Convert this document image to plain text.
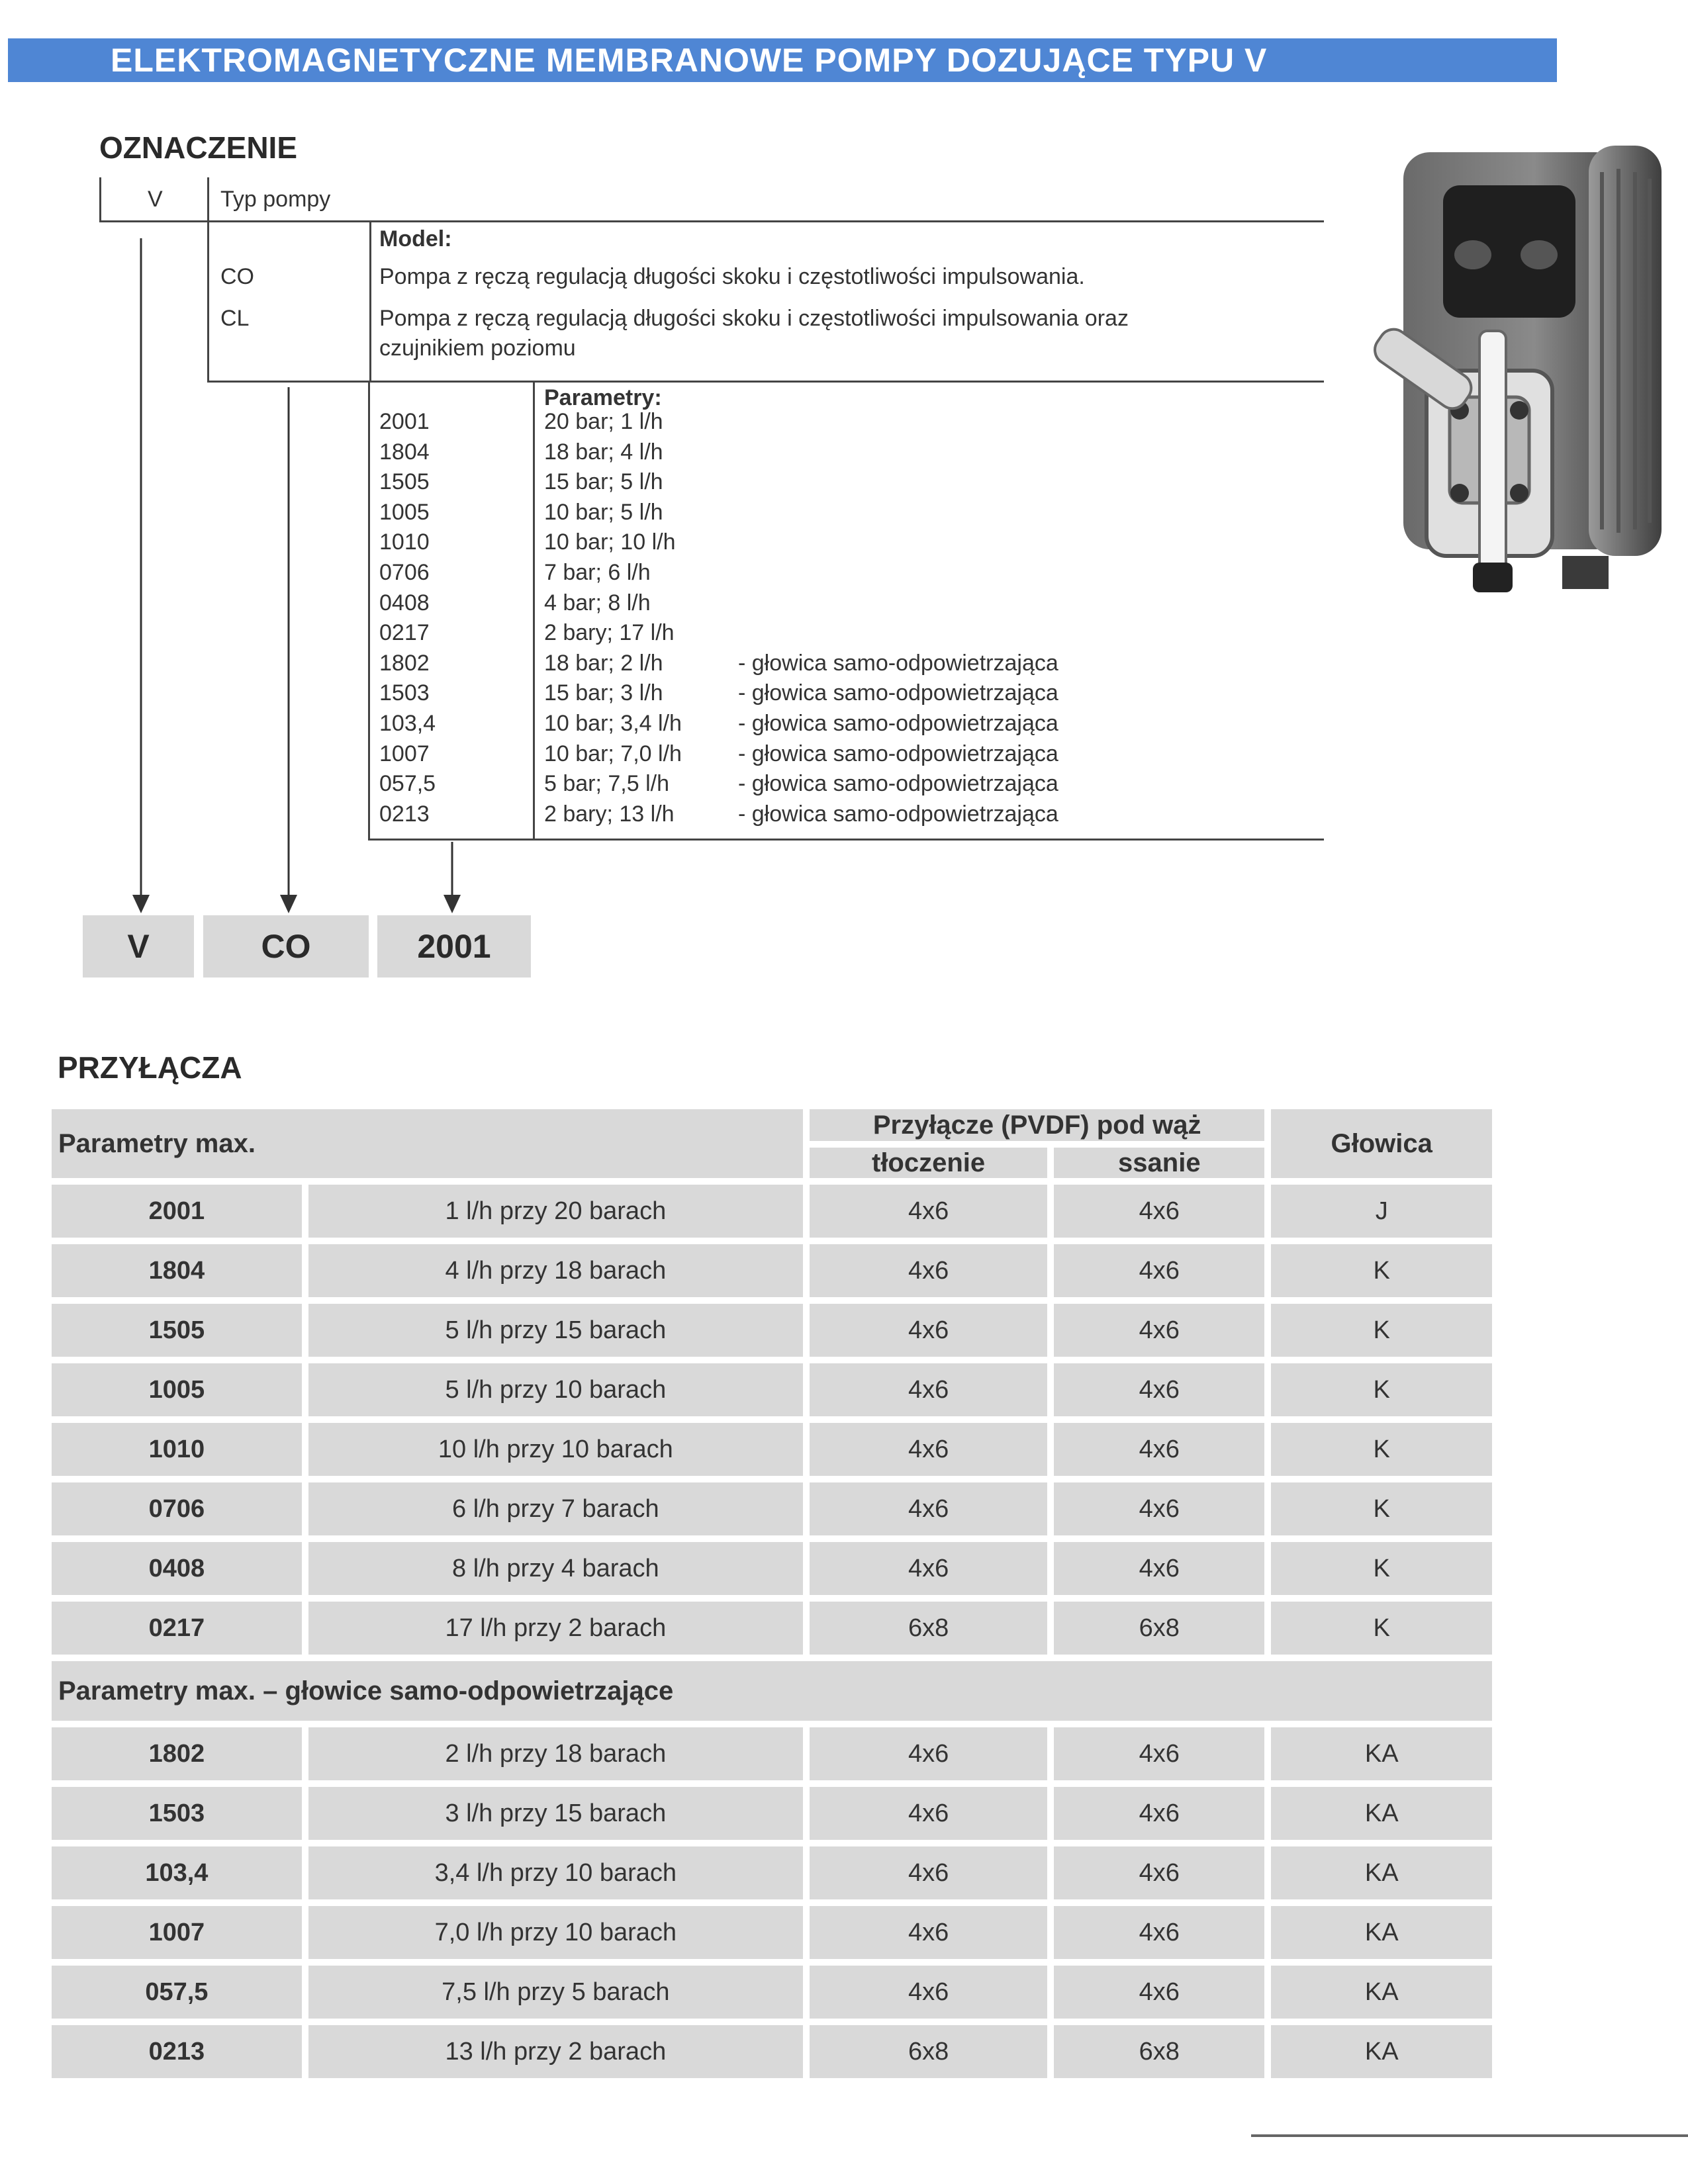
ELEKTROMAGNETYCZNE MEMBRANOWE POMPY DOZUJĄCE TYPU V
OZNACZENIE
V	Typ pompy
Model:
CO	Pompa z ręczą regulacją długości skoku i częstotliwości impulsowania.
CL	Pompa z ręczą regulacją długości skoku i częstotliwości impulsowania oraz
czujnikiem poziomu
Parametry:
2001	20 bar; 1 l/h
1804	18 bar; 4 l/h
1505	15 bar; 5 l/h
1005	10 bar; 5 l/h
1010	10 bar; 10 l/h
0706	7 bar; 6 l/h
0408	4 bar; 8 l/h
0217	2 bary; 17 l/h
1802	18 bar; 2 l/h	- głowica samo-odpowietrzająca
1503	15 bar; 3 l/h	- głowica samo-odpowietrzająca
103,4	10 bar; 3,4 l/h	- głowica samo-odpowietrzająca
1007	10 bar; 7,0 l/h	- głowica samo-odpowietrzająca
057,5	5 bar; 7,5 l/h	- głowica samo-odpowietrzająca
0213	2 bary; 13 l/h	- głowica samo-odpowietrzająca
V	CO	2001
PRZYŁĄCZA
Parametry max.		Przyłącze (PVDF) pod wąż		Głowica
		tłoczenie	ssanie	
2001	1 l/h przy 20 barach	4x6	4x6	J
1804	4 l/h przy 18 barach	4x6	4x6	K
1505	5 l/h przy 15 barach	4x6	4x6	K
1005	5 l/h przy 10 barach	4x6	4x6	K
1010	10 l/h przy 10 barach	4x6	4x6	K
0706	6 l/h przy 7 barach	4x6	4x6	K
0408	8 l/h przy 4 barach	4x6	4x6	K
0217	17 l/h przy 2 barach	6x8	6x8	K
Parametry max. – głowice samo-odpowietrzające				
1802	2 l/h przy 18 barach	4x6	4x6	KA
1503	3 l/h przy 15 barach	4x6	4x6	KA
103,4	3,4 l/h przy 10 barach	4x6	4x6	KA
1007	7,0 l/h przy 10 barach	4x6	4x6	KA
057,5	7,5 l/h przy 5 barach	4x6	4x6	KA
0213	13 l/h przy 2 barach	6x8	6x8	KA
